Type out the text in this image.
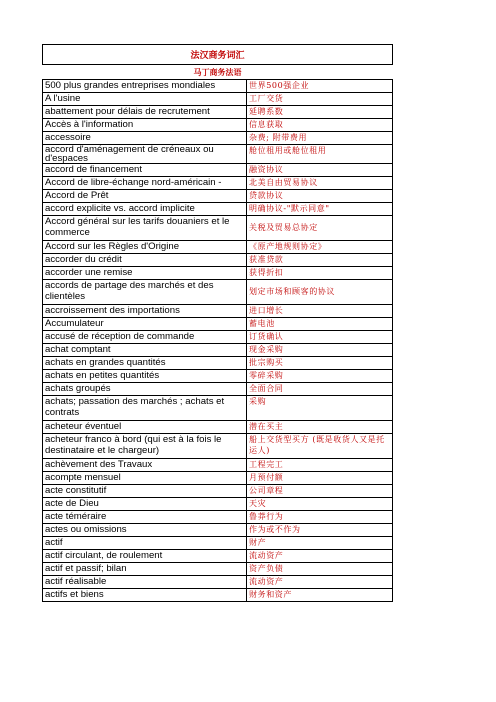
法汉商务词汇
马丁商务法语
500 plus grandes entreprises mondiales	世界500强企业
A l'usine	工厂交货
abattement pour délais de recrutement	延聘系数
Accès à l'information	信息获取
accessoire	杂费; 附带费用
accord d'aménagement de créneaux ou d'espaces	舱位租用或舱位租用
accord de financement	融资协议
Accord de libre-échange nord-américain -	北美自由贸易协议
Accord de Prêt	贷款协议
accord explicite vs. accord implicite	明确协议-"默示同意"
Accord général sur les tarifs douaniers et le commerce	关税及贸易总协定
Accord sur les Règles d'Origine	《原产地规则协定》
accorder du crédit	获准贷款
accorder une remise	获得折扣
accords de partage des marchés et des clientèles	划定市场和顾客的协议
accroissement des importations	进口增长
Accumulateur	蓄电池
accusé de réception de commande	订货确认
achat comptant	现金采购
achats en grandes quantités	批宗购买
achats en petites quantités	零碎采购
achats groupés	全面合同
achats; passation des marchés ; achats et contrats	采购
acheteur éventuel	潜在买主
acheteur franco à bord (qui est à la fois le destinataire et le chargeur)	船上交货型买方 (既是收货人又是托运人)
achèvement des Travaux	工程完工
acompte mensuel	月预付额
acte constitutif	公司章程
acte de Dieu	天灾
acte téméraire	鲁莽行为
actes ou omissions	作为或不作为
actif	财产
actif circulant, de roulement	流动资产
actif et passif; bilan	资产负债
actif réalisable	流动资产
actifs et biens	财务和资产
